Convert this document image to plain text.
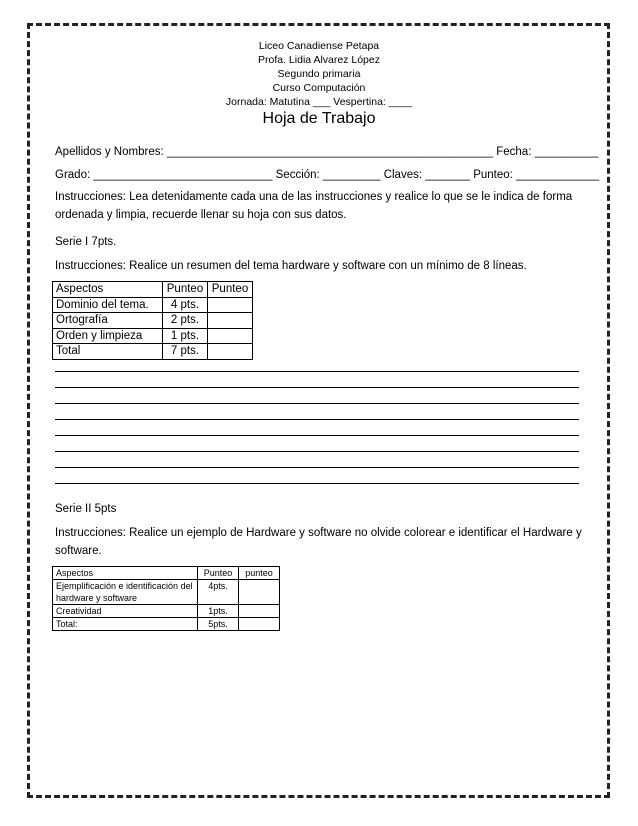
Liceo Canadiense Petapa
Profa. Lidia Alvarez López
Segundo primaria
Curso Computación
Jornada: Matutina ___ Vespertina: ____
Hoja de Trabajo
Apellidos y Nombres: ___________________________________________________ Fecha: __________
Grado: ____________________________ Sección: _________ Claves: _______ Punteo: _____________
Instrucciones: Lea detenidamente cada una de las instrucciones y realice lo que se le indica de forma ordenada y limpia, recuerde llenar su hoja con sus datos.
Serie I 7pts.
Instrucciones: Realice un resumen del tema hardware y software con un mínimo de 8 líneas.
Aspectos	Punteo	Punteo
Dominio del tema.	4 pts.	
Ortografía	2 pts.	
Orden y limpieza	1 pts.	
Total	7 pts.	
Serie II 5pts
Instrucciones: Realice un ejemplo de Hardware y software no olvide colorear e identificar el Hardware y software.
Aspectos	Punteo	punteo
Ejemplificación e identificación del hardware y software	4pts.	
Creatividad	1pts.	
Total:	5pts.	
